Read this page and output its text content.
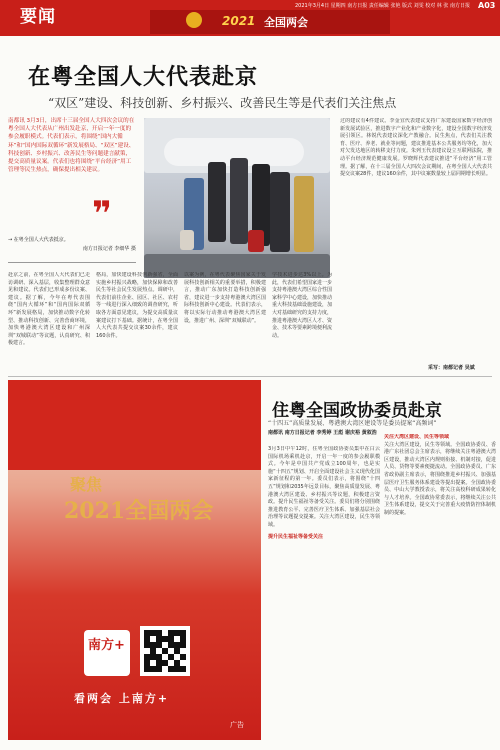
要闻	2021 全国两会
2021年3月4日 星期四 南方日报 责任编辑 张艳 版式 刘雯 校对 林 张 南方日报 A03
在粤全国人大代表赴京
“双区”建设、科技创新、乡村振兴、改善民生等是代表们关注焦点
南都讯 3月3日，出席十三届全国人大四次会议的在粤全国人大代表从广州出发赴京，开启一年一度的参会履职模式。代表们表示，将围绕“国内大循环”和“国内国际双循环”新发展格局、“双区”建设、科技创新、乡村振兴、改善民生等问题建言献策，提交高质量议案。代表们也将围绕“平台经济”用工管理等民生热点，确保提出相关建议。
❞
→ 在粤全国人大代表抵京。
南方日报记者 李细华 摄
赴京之前，在粤全国人大代表们已走访调研、深入基层，收集整理群众意见和建议。代表们已形成多份议案、建议。据了解，今年在粤代表围绕“国内大循环”和“国内国际双循环”新发展格局，加快推动数字化转型、推动科技创新、完善营商环境，加快粤港澳大湾区建设和广州深圳“双城联动”等议题，认真研究、积极建言。
格局，加快建设科技创新强省，全面实施乡村振兴战略，加快保障和改善民生等社会民生发展热点。调研中，代表们前往企业、园区、社区、农村等一线进行深入细致的调查研究，听取各方面意见建议，为提交高质量议案建议打下基础。据统计，在粤全国人大代表共提交议案30余件，建议160余件。
以案为例，在粤代表聚焦国家关于发展科技创新相关的重要举措，积极建言，推动广东加快打造科技创新强省，建议进一步支持粤港澳大湾区国际科技创新中心建设。代表们表示，将以实际行动推动粤港澳大湾区建设，推进广州、深圳“双城联动”。
学技术进步达3%以上。为此，代表们希望国家进一步支持粤港澳大湾区综合性国家科学中心建设，加快推动重大科技基础设施建设，加大对基础研究的支持力度，推进粤港澳大湾区人才、资金、技术等要素跨境便利流动。
过的建议有4件建议。李金宜代表建议支持广东建设国家数字经济创新发展试验区，推进数字产业化和产业数字化，建设全国数字经济发展引领区。林锐代表建议深化产教融合。民生焦点，代表们关注教育、医疗、养老、就业等问题，建议推进基本公共服务均等化，加大对欠发达地区的转移支付力度。朱列玉代表建议设立互联网法院，推动平台经济规范健康发展。罗晓辉代表建议推进“平台经济”用工管理。据了解，在十三届全国人大四次会议期间，在粤全国人大代表共提交议案28件，建议160余件，其中议案数量较上届同期增长明显。
采写：南都记者 吴斌
聚焦
2021全国两会
南方+
看两会 上南方+
广告
住粤全国政协委员赴京
“十四五”高质量发展、粤港澳大湾区建设等是委员提案“高频词”
南都讯 南方日报记者 李秀婷 王彪 谢庆裕 黄叙浩
3月3日中午12时，住粤全国政协委员集中在白云国际机场乘机赴京，开启一年一度的参会履职模式。今年是中国共产党成立100周年，也是实施“十四五”规划、开启全面建设社会主义现代化国家新征程的第一年。委员们表示，将围绕“十四五”规划和2035年远景目标，聚焦高质量发展、粤港澳大湾区建设、乡村振兴等议题，积极建言资政。提升民生福祉等备受关注。委员们将分别围绕推进教育公平、完善医疗卫生体系、加强基层社会治理等议题提交提案。关注大湾区建设，民生等领域。
提升民生福祉等备受关注
关注大湾区建设、民生等领域
关注大湾区建设，民生等领域。全国政协委员、香港广东社团总会主席表示，将继续关注粤港澳大湾区建设，推动大湾区内规则衔接、机制对接，促进人员、货物等要素便捷流动。全国政协委员、广东省政协副主席表示，将围绕推进乡村振兴、加强基层医疗卫生服务体系建设等提出提案。全国政协委员、中山大学教授表示，将关注高校科研成果转化与人才培养。全国政协常委表示，将继续关注公共卫生体系建设，提交关于完善重大疫情防控体制机制的提案。
